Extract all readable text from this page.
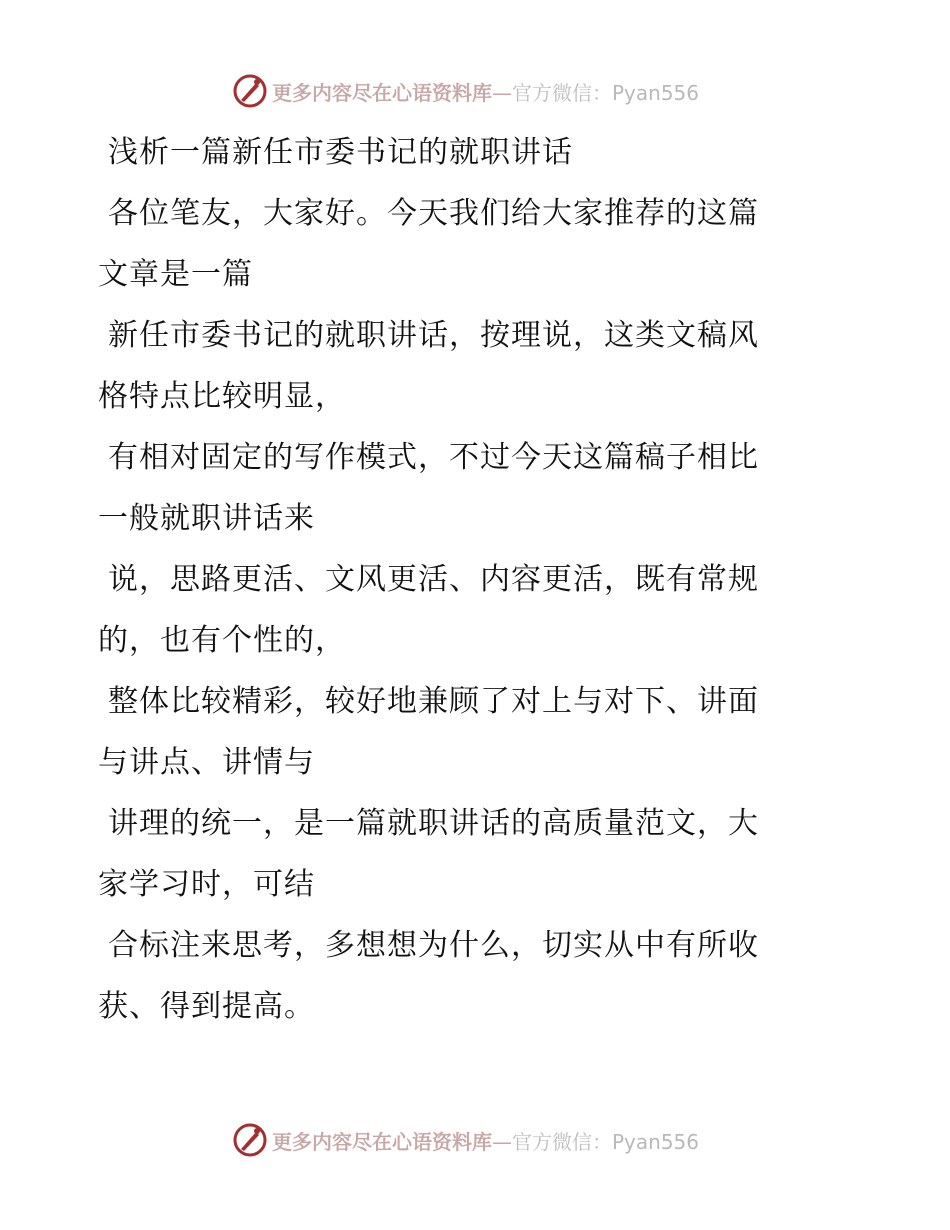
更多内容尽在心语资料库—官方微信：Pyan556
浅析一篇新任市委书记的就职讲话

各位笔友，大家好。今天我们给大家推荐的这篇
文章是一篇

新任市委书记的就职讲话，按理说，这类文稿风
格特点比较明显，

有相对固定的写作模式，不过今天这篇稿子相比
一般就职讲话来

说，思路更活、文风更活、内容更活，既有常规
的，也有个性的，

整体比较精彩，较好地兼顾了对上与对下、讲面
与讲点、讲情与

讲理的统一，是一篇就职讲话的高质量范文，大
家学习时，可结

合标注来思考，多想想为什么，切实从中有所收
获、得到提高。

更多内容尽在心语资料库—官方微信：Pyan556
